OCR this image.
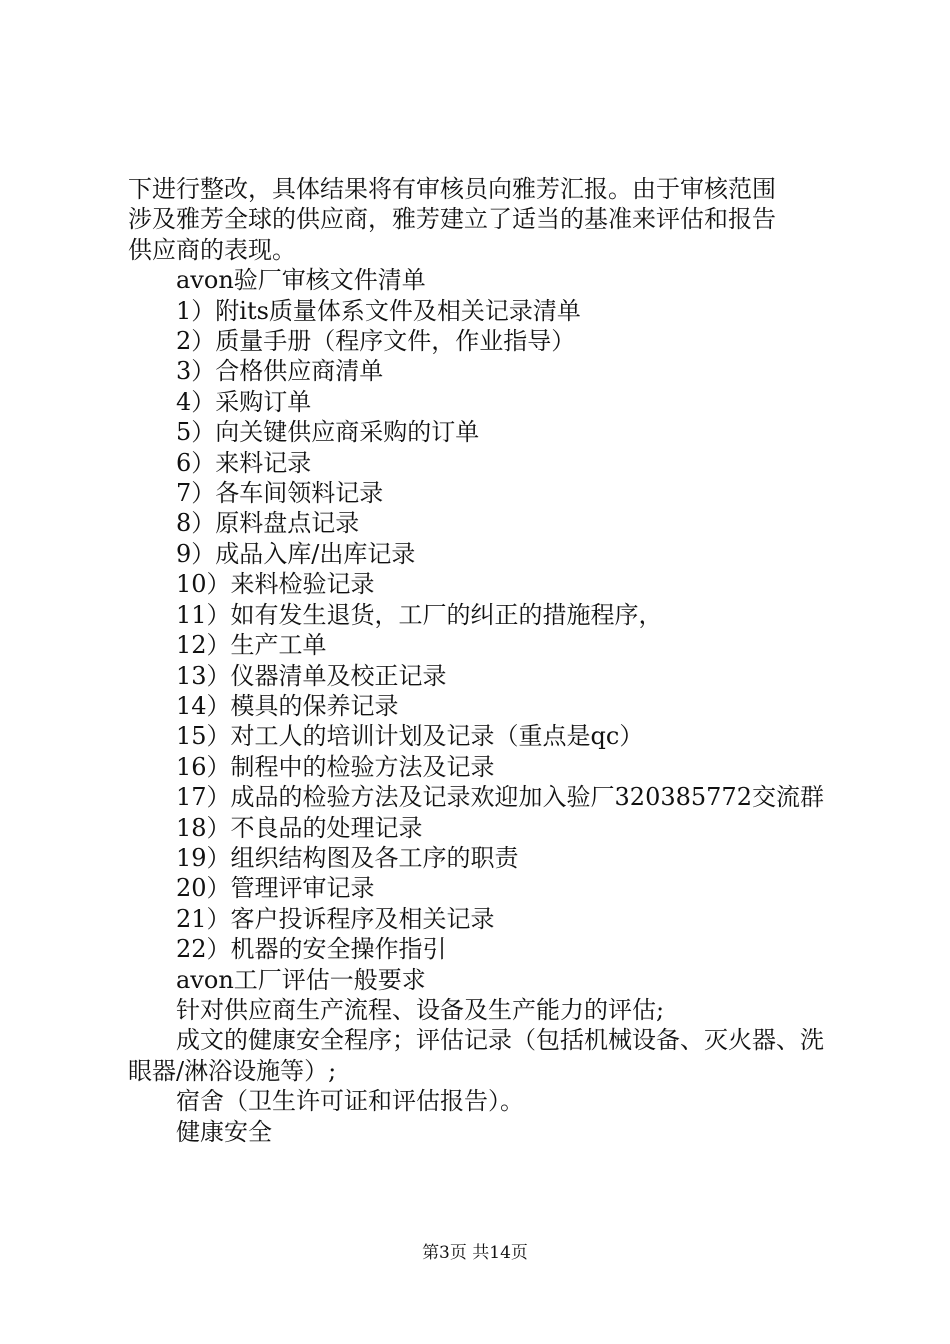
下进行整改，具体结果将有审核员向雅芳汇报。由于审核范围

涉及雅芳全球的供应商，雅芳建立了适当的基准来评估和报告

供应商的表现。

avon验厂审核文件清单

1）附its质量体系文件及相关记录清单

2）质量手册（程序文件，作业指导）

3）合格供应商清单

4）采购订单

5）向关键供应商采购的订单

6）来料记录

7）各车间领料记录

8）原料盘点记录

9）成品入库/出库记录

10）来料检验记录

11）如有发生退货，工厂的纠正的措施程序，

12）生产工单

13）仪器清单及校正记录

14）模具的保养记录

15）对工人的培训计划及记录（重点是qc）

16）制程中的检验方法及记录

17）成品的检验方法及记录欢迎加入验厂320385772交流群

18）不良品的处理记录

19）组织结构图及各工序的职责

20）管理评审记录

21）客户投诉程序及相关记录

22）机器的安全操作指引

avon工厂评估一般要求

针对供应商生产流程、设备及生产能力的评估;

成文的健康安全程序；评估记录（包括机械设备、灭火器、洗眼器/淋浴设施等）;

宿舍（卫生许可证和评估报告）。

健康安全

第3页 共14页
